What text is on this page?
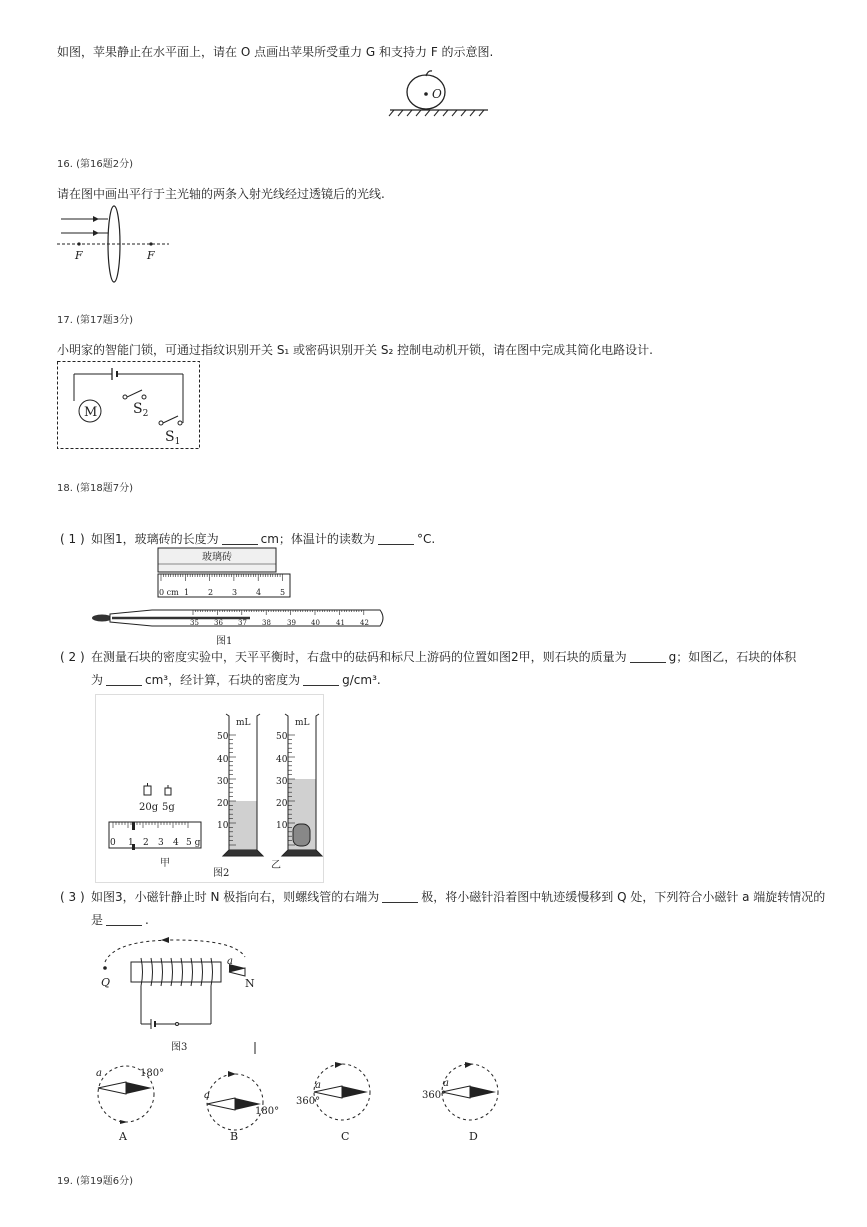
如图，苹果静止在水平面上，请在 O 点画出苹果所受重力 G 和支持力 F 的示意图.
O
16. (第16题2分)
请在图中画出平行于主光轴的两条入射光线经过透镜后的光线.
F	F
17. (第17题3分)
小明家的智能门锁，可通过指纹识别开关 S₁ 或密码识别开关 S₂ 控制电动机开锁，请在图中完成其简化电路设计.
M	$S_2$
$S_1$
18. (第18题7分)
( 1 ) 如图1，玻璃砖的长度为	cm；体温计的读数为	°C.
玻璃砖
0 cm 1 2 3 4 5
35 36 37 38 39 40 41 42
图1
( 2 ) 在测量石块的密度实验中，天平平衡时，右盘中的砝码和标尺上游码的位置如图2甲，则石块的质量为	g；如图乙，石块的体积
为	cm³，经计算，石块的密度为	g/cm³.
20g 5g
0 1 2 3 4 5 g
甲
mL
50
40
30
20
10
mL
50
40
30
20
10
乙
图2
( 3 ) 如图3，小磁针静止时 N 极指向右，则螺线管的右端为	极，将小磁针沿着图中轨迹缓慢移到 Q 处，下列符合小磁针 a 端旋转情况的
是	.
Q
a
N
图3
a	180°
A
a
180°
B
a
360°
C
a
360°
D
19. (第19题6分)
